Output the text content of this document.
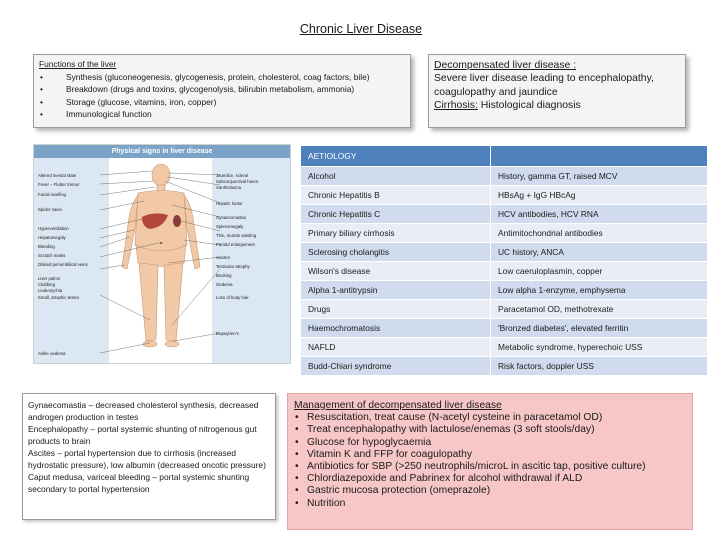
Chronic Liver Disease
Functions of the liver
•	Synthesis (gluconeogenesis, glycogenesis, protein, cholesterol, coag factors, bile)
•	Breakdown (drugs and toxins, glycogenolysis, bilirubin metabolism, ammonia)
•	Storage (glucose, vitamins, iron, copper)
•	Immunological function
Decompensated liver disease :
Severe liver disease leading to encephalopathy, coagulopathy and jaundice
Cirrhosis: Histological diagnosis
Physical signs in liver disease
Altered mental state
Fever – Flutter tremor
Facial swelling
Spider naevi
Hyperventilation
Hepatomegaly
Bleeding
Scratch marks
Dilated periumbilical veins
Liver palms
Clubbing
Leukonychia
Small, atrophic testes
Ankle oedema
Jaundice, scleral
Subconjunctival haem.
Xanthelasma
Hepatic foetor
Gynaecomastia
Splenomegaly
Thin, muscle wasting
Parotid enlargement
Ascites
Testicular atrophy
Bruising
Oedema
Loss of body hair
Dupuytren's
AETIOLOGY	
Alcohol	History, gamma GT, raised MCV
Chronic Hepatitis B	HBsAg + IgG HBcAg
Chronic Hepatitis C	HCV antibodies, HCV RNA
Primary biliary cirrhosis	Antimitochondrial antibodies
Sclerosing cholangitis	UC history, ANCA
Wilson's disease	Low caeruloplasmin, copper
Alpha 1-antitrypsin	Low alpha 1-enzyme, emphysema
Drugs	Paracetamol OD, methotrexate
Haemochromatosis	'Bronzed diabetes', elevated ferritin
NAFLD	Metabolic syndrome, hyperechoic USS
Budd-Chiari syndrome	Risk factors, doppler USS
Gynaecomastia – decreased cholesterol synthesis, decreased androgen production in testes
Encephalopathy – portal systemic shunting of nitrogenous gut products to brain
Ascites – portal hypertension due to cirrhosis (increased hydrostatic pressure), low albumin (decreased oncotic pressure)
Caput medusa, variceal bleeding – portal systemic shunting secondary to portal hypertension
Management of decompensated liver disease
• Resuscitation, treat cause (N-acetyl cysteine in paracetamol OD)
• Treat encephalopathy with lactulose/enemas (3 soft stools/day)
• Glucose for hypoglycaemia
• Vitamin K and FFP for coagulopathy
• Antibiotics for SBP (>250 neutrophils/microL in ascitic tap, positive culture)
• Chlordiazepoxide and Pabrinex for alcohol withdrawal if ALD
• Gastric mucosa protection (omeprazole)
• Nutrition
